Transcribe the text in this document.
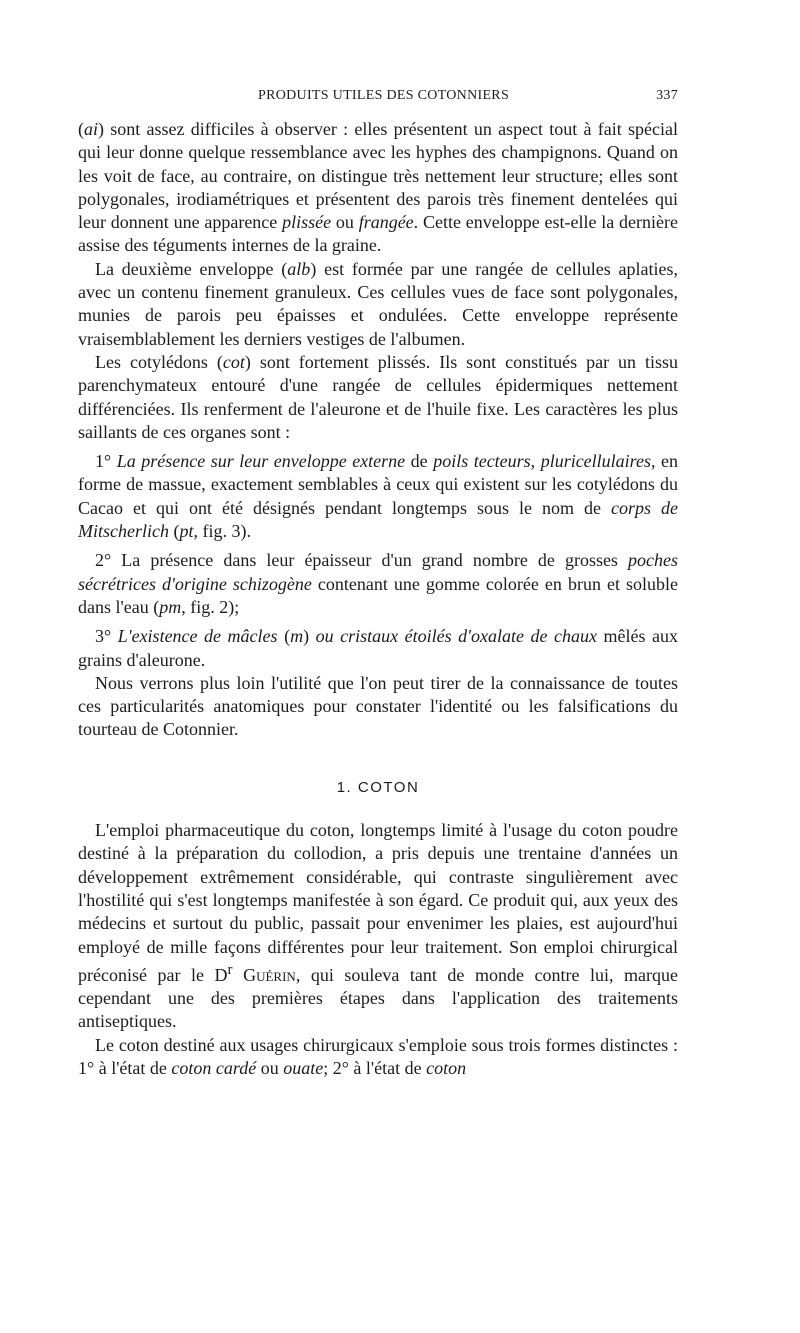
PRODUITS UTILES DES COTONNIERS	337

(ai) sont assez difficiles à observer : elles présentent un aspect tout à fait spécial qui leur donne quelque ressemblance avec les hyphes des champignons. Quand on les voit de face, au contraire, on distingue très nettement leur structure; elles sont polygonales, irodiamétriques et présentent des parois très finement dentelées qui leur donnent une apparence plissée ou frangée. Cette enveloppe est-elle la dernière assise des téguments internes de la graine.

La deuxième enveloppe (alb) est formée par une rangée de cellules aplaties, avec un contenu finement granuleux. Ces cellules vues de face sont polygonales, munies de parois peu épaisses et ondulées. Cette enveloppe représente vraisemblablement les derniers vestiges de l'albumen.

Les cotylédons (cot) sont fortement plissés. Ils sont constitués par un tissu parenchymateux entouré d'une rangée de cellules épidermiques nettement différenciées. Ils renferment de l'aleurone et de l'huile fixe. Les caractères les plus saillants de ces organes sont :

1° La présence sur leur enveloppe externe de poils tecteurs, pluricellulaires, en forme de massue, exactement semblables à ceux qui existent sur les cotylédons du Cacao et qui ont été désignés pendant longtemps sous le nom de corps de Mitscherlich (pt, fig. 3).

2° La présence dans leur épaisseur d'un grand nombre de grosses poches sécrétrices d'origine schizogène contenant une gomme colorée en brun et soluble dans l'eau (pm, fig. 2);

3° L'existence de mâcles (m) ou cristaux étoilés d'oxalate de chaux mêlés aux grains d'aleurone.

Nous verrons plus loin l'utilité que l'on peut tirer de la connaissance de toutes ces particularités anatomiques pour constater l'identité ou les falsifications du tourteau de Cotonnier.

1. COTON

L'emploi pharmaceutique du coton, longtemps limité à l'usage du coton poudre destiné à la préparation du collodion, a pris depuis une trentaine d'années un développement extrêmement considérable, qui contraste singulièrement avec l'hostilité qui s'est longtemps manifestée à son égard. Ce produit qui, aux yeux des médecins et surtout du public, passait pour envenimer les plaies, est aujourd'hui employé de mille façons différentes pour leur traitement. Son emploi chirurgical préconisé par le $D^r$ Guérin, qui souleva tant de monde contre lui, marque cependant une des premières étapes dans l'application des traitements antiseptiques.

Le coton destiné aux usages chirurgicaux s'emploie sous trois formes distinctes : 1° à l'état de coton cardé ou ouate; 2° à l'état de coton
